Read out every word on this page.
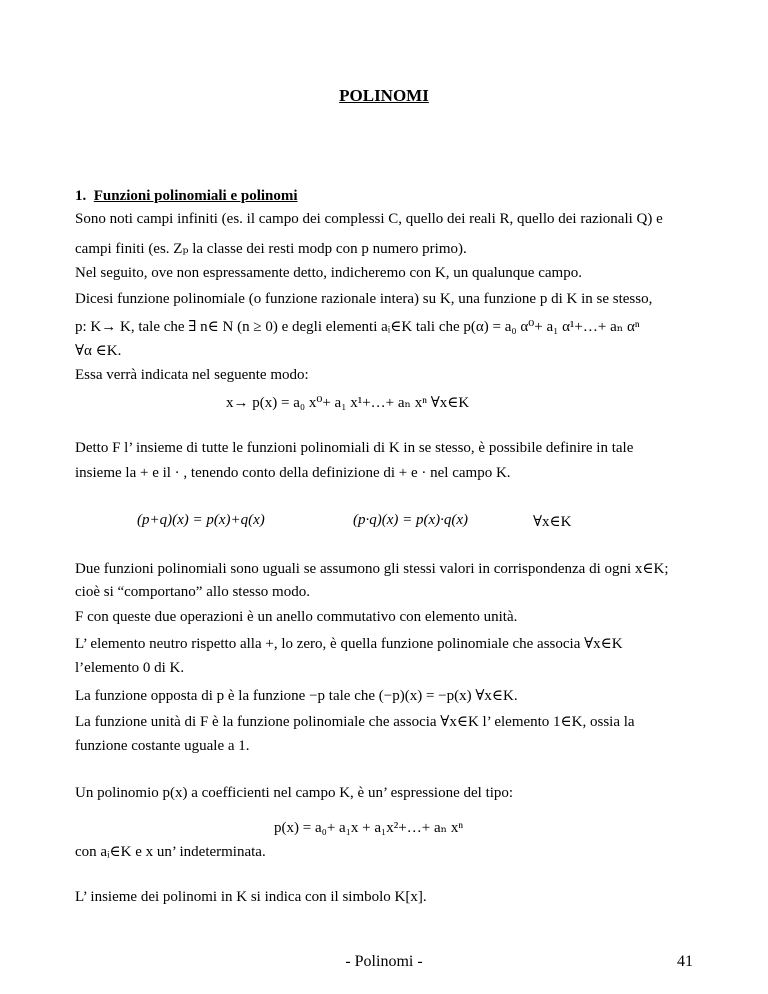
POLINOMI
1. Funzioni polinomiali e polinomi
Sono noti campi infiniti (es. il campo dei complessi C, quello dei reali R, quello dei razionali Q) e
campi finiti (es. Zₚ la classe dei resti modp con p numero primo).
Nel seguito, ove non espressamente detto, indicheremo con K, un qualunque campo.
Dicesi funzione polinomiale (o funzione razionale intera) su K, una funzione p di K in se stesso,
p: K→ K, tale che ∃ n∈ N (n ≥ 0) e degli elementi aᵢ∈K tali che p(α) = a₀ α⁰+ a₁ α¹+…+ aₙ αⁿ
∀α ∈K.
Essa verrà indicata nel seguente modo:
x→ p(x) = a₀ x⁰+ a₁ x¹+…+ aₙ xⁿ ∀x∈K
Detto F l’ insieme di tutte le funzioni polinomiali di K in se stesso, è possibile definire in tale
insieme la + e il · , tenendo conto della definizione di + e · nel campo K.
(p+q)(x) = p(x)+q(x)	(p·q)(x) = p(x)·q(x)	∀x∈K
Due funzioni polinomiali sono uguali se assumono gli stessi valori in corrispondenza di ogni x∈K;
cioè si “comportano” allo stesso modo.
F con queste due operazioni è un anello commutativo con elemento unità.
L’ elemento neutro rispetto alla +, lo zero, è quella funzione polinomiale che associa ∀x∈K
l’elemento 0 di K.
La funzione opposta di p è la funzione −p tale che (−p)(x) = −p(x) ∀x∈K.
La funzione unità di F è la funzione polinomiale che associa ∀x∈K l’ elemento 1∈K, ossia la
funzione costante uguale a 1.
Un polinomio p(x) a coefficienti nel campo K, è un’ espressione del tipo:
p(x) = a₀+ a₁x + a₁x²+…+ aₙ xⁿ
con aᵢ∈K e x un’ indeterminata.
L’ insieme dei polinomi in K si indica con il simbolo K[x].
- Polinomi -	41
